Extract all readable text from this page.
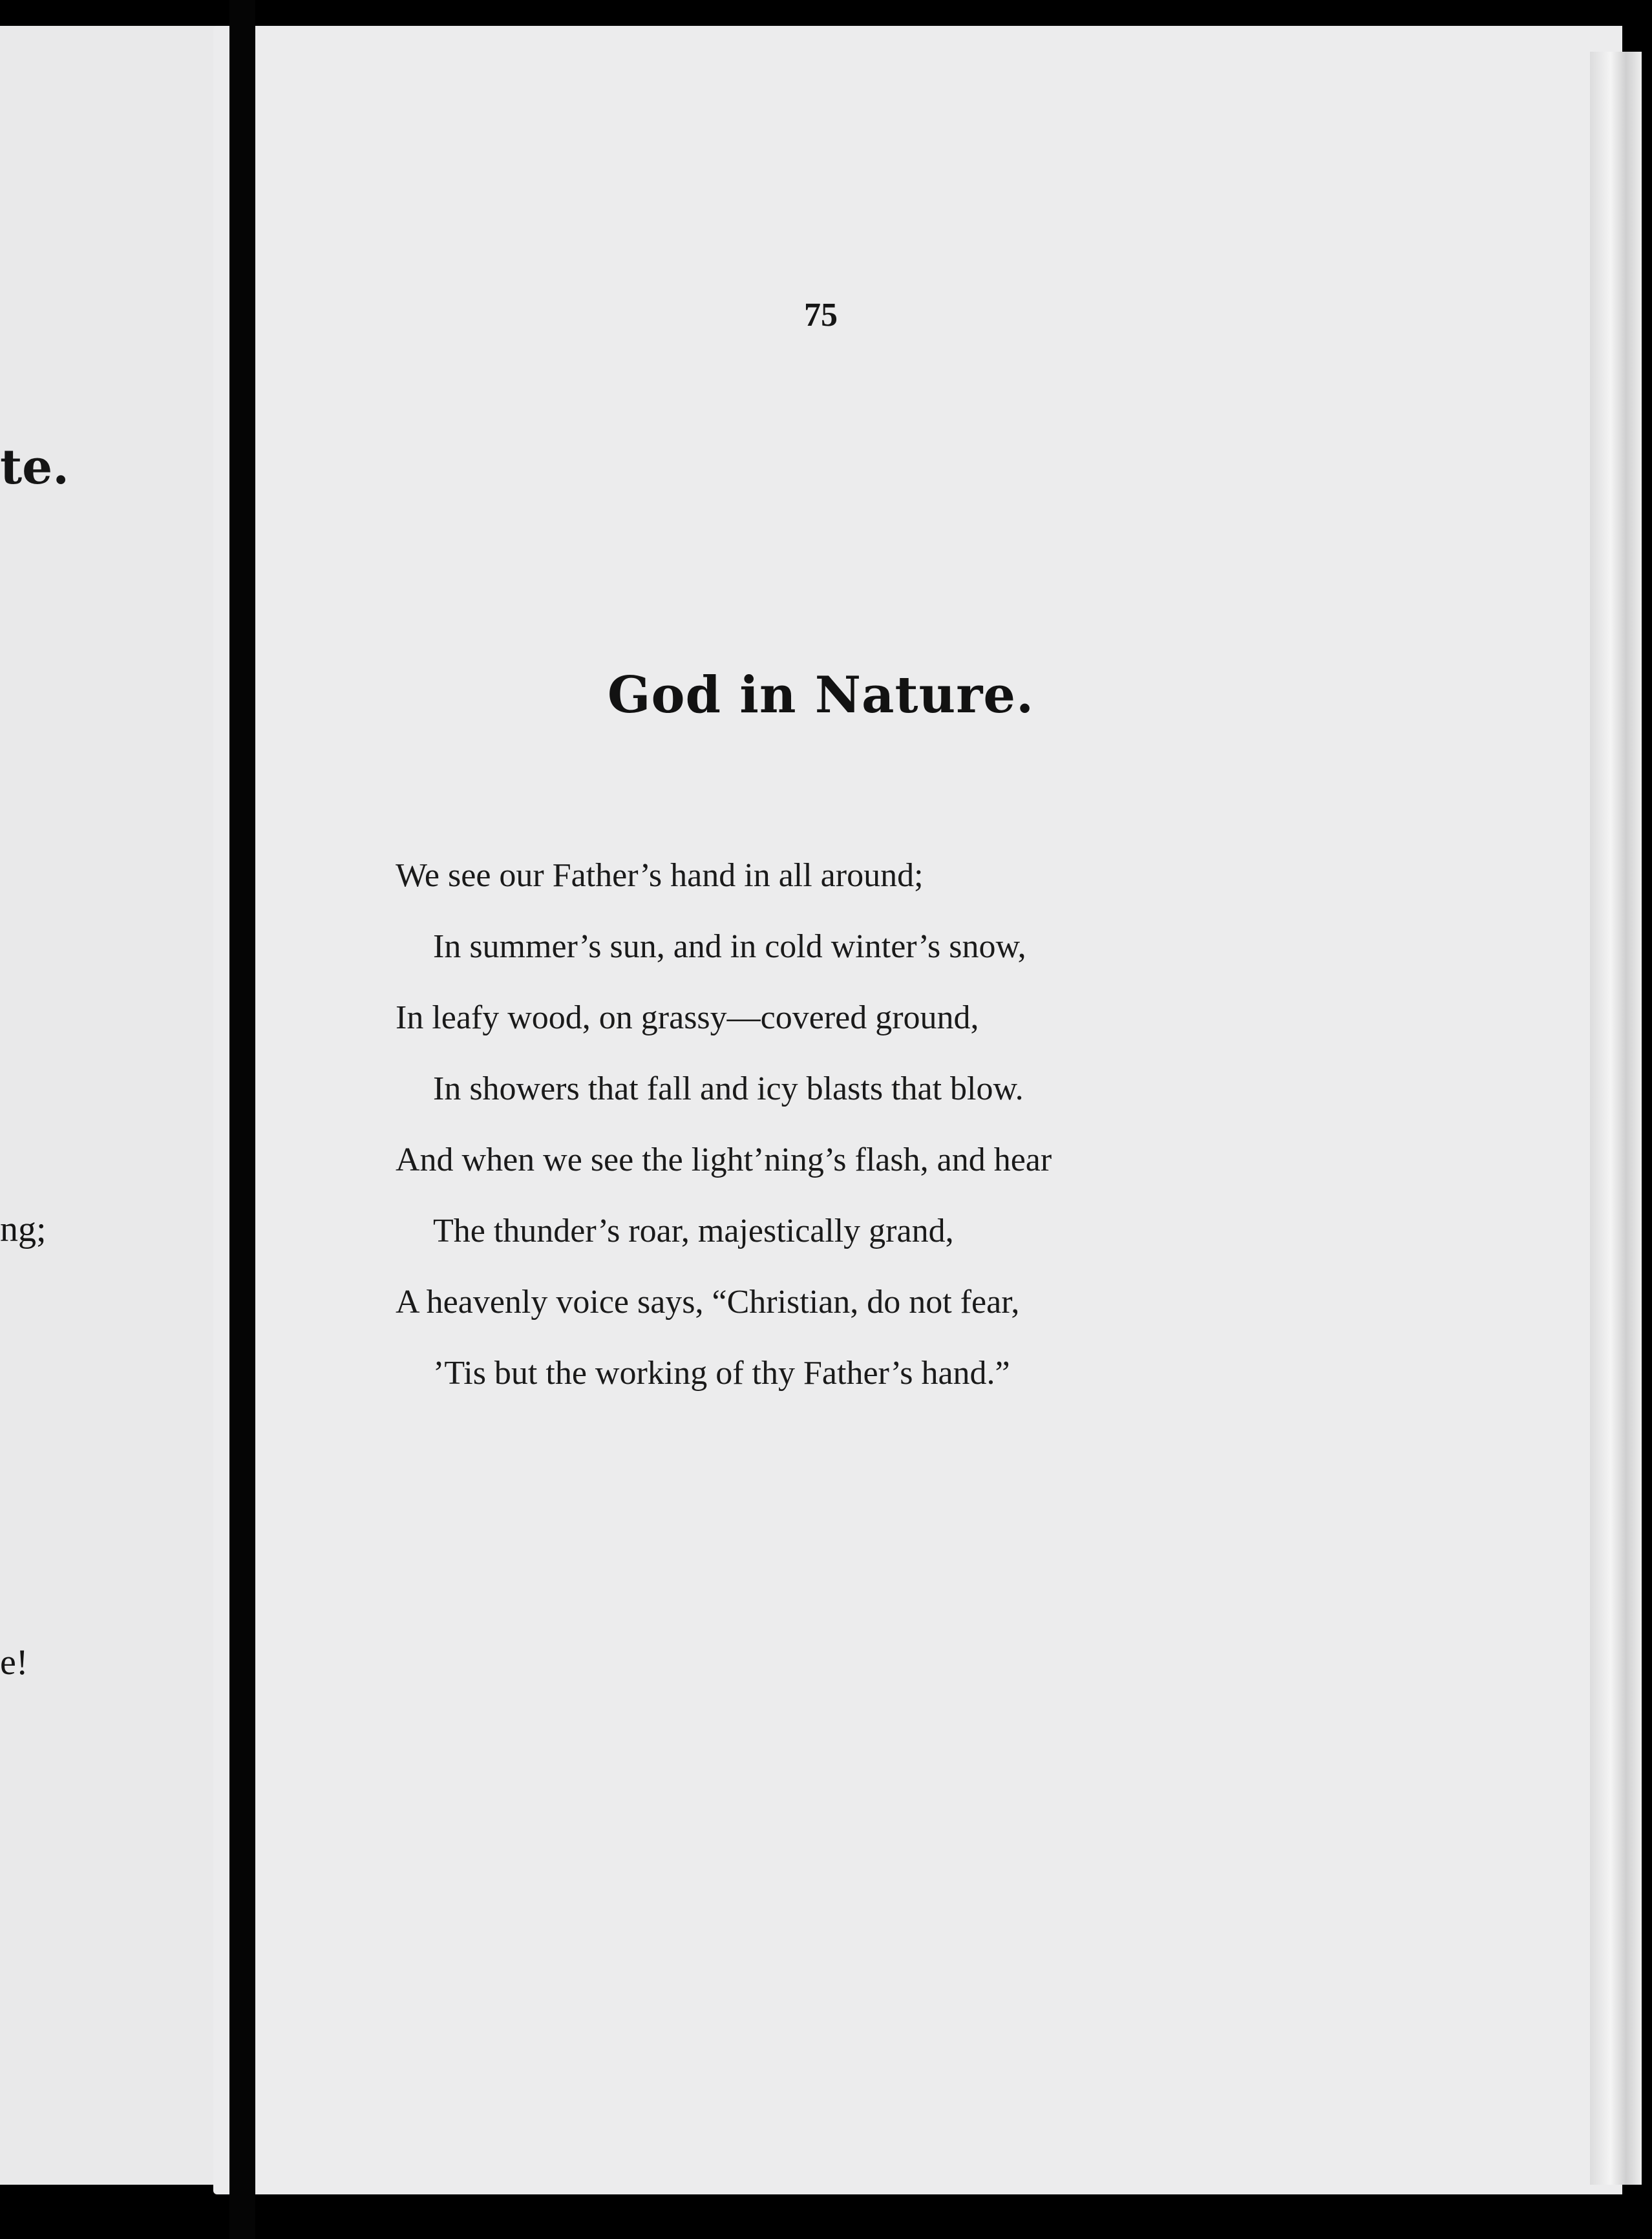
te.
ng;
e!
75
God in Nature.
We see our Father’s hand in all around;
In summer’s sun, and in cold winter’s snow,
In leafy wood, on grassy—covered ground,
In showers that fall and icy blasts that blow.
And when we see the light’ning’s flash, and hear
The thunder’s roar, majestically grand,
A heavenly voice says, “Christian, do not fear,
’Tis but the working of thy Father’s hand.”
